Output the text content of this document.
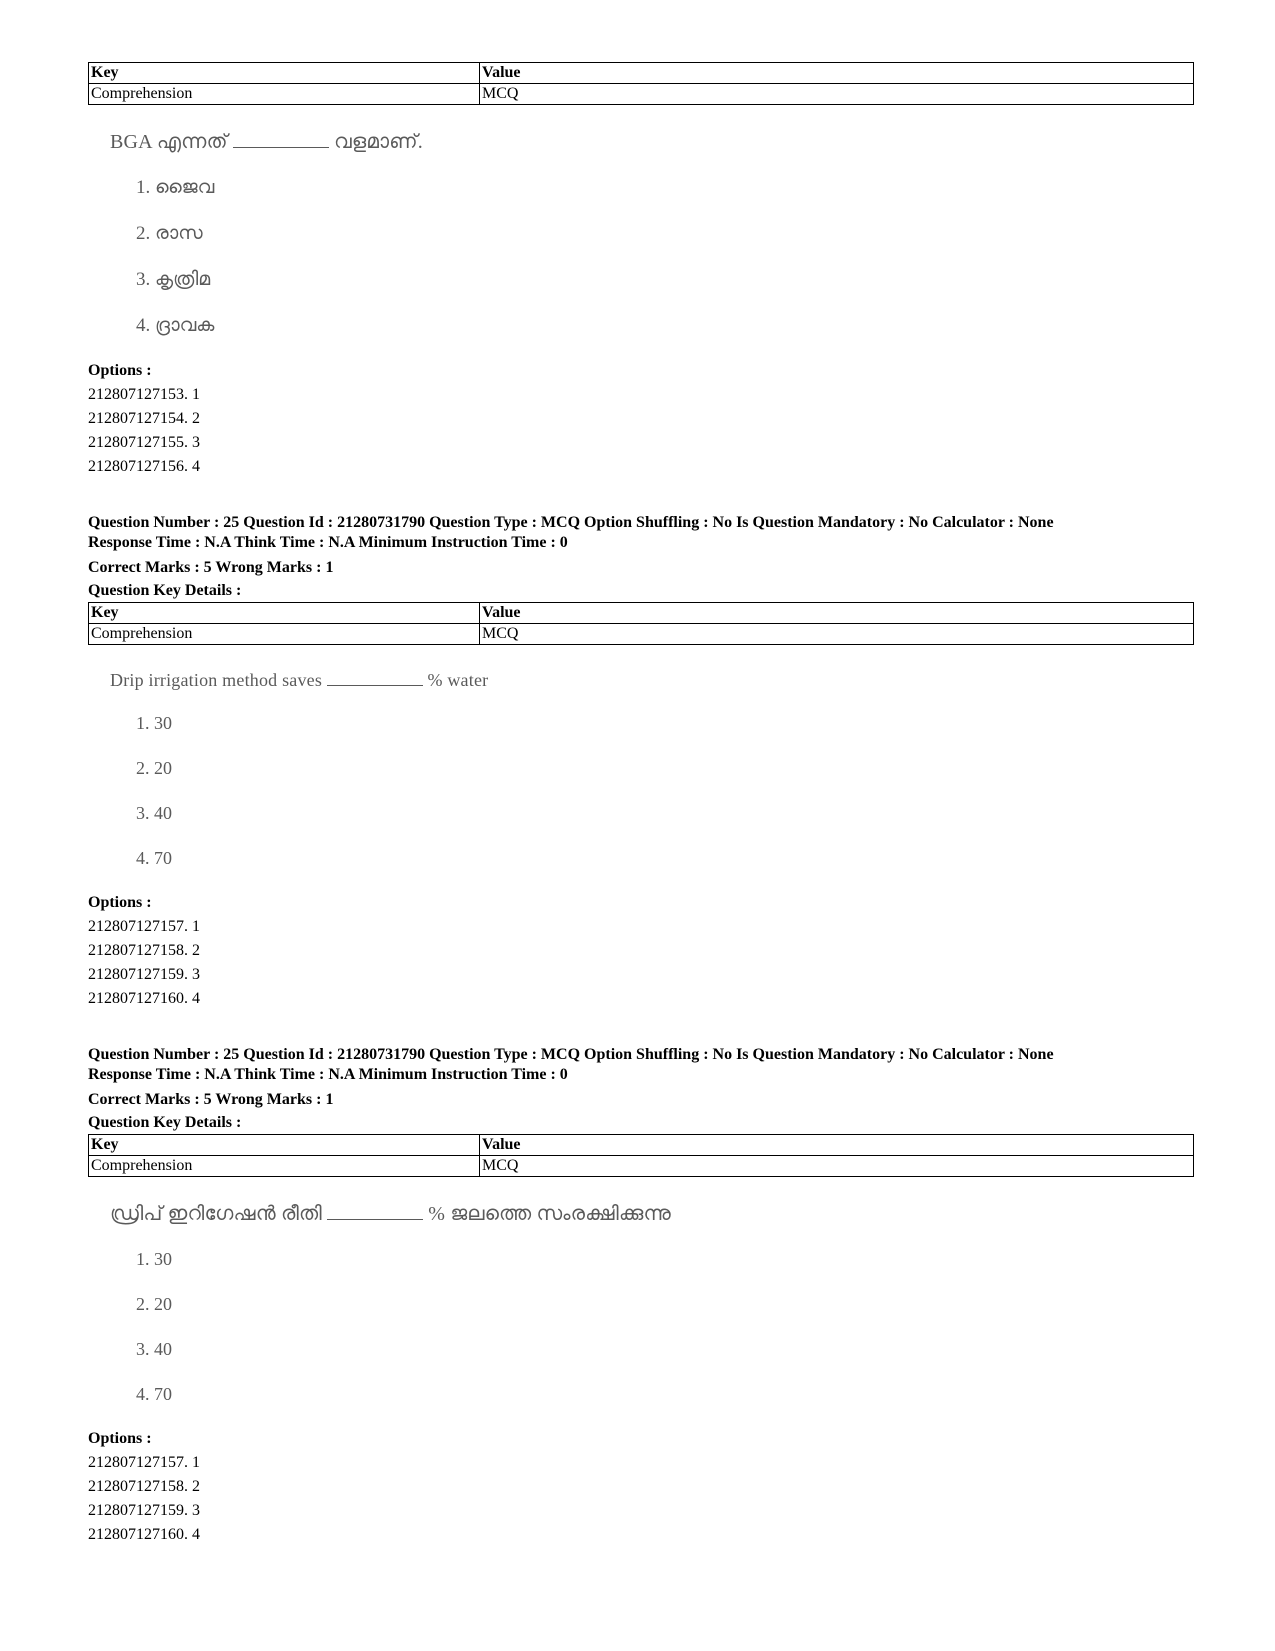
Key	Value
Comprehension	MCQ
BGA എന്നത്	വളമാണ്.
1. ജൈവ
2. രാസ
3. കൃത്രിമ
4. ദ്രാവക
Options :
212807127153. 1
212807127154. 2
212807127155. 3
212807127156. 4
Question Number : 25 Question Id : 21280731790 Question Type : MCQ Option Shuffling : No Is Question Mandatory : No Calculator : None
Response Time : N.A Think Time : N.A Minimum Instruction Time : 0
Correct Marks : 5 Wrong Marks : 1
Question Key Details :
Key	Value
Comprehension	MCQ
Drip irrigation method saves	% water
1. 30
2. 20
3. 40
4. 70
Options :
212807127157. 1
212807127158. 2
212807127159. 3
212807127160. 4
Question Number : 25 Question Id : 21280731790 Question Type : MCQ Option Shuffling : No Is Question Mandatory : No Calculator : None
Response Time : N.A Think Time : N.A Minimum Instruction Time : 0
Correct Marks : 5 Wrong Marks : 1
Question Key Details :
Key	Value
Comprehension	MCQ
ഡ്രിപ് ഇറിഗേഷൻ രീതി	% ജലത്തെ സംരക്ഷിക്കുന്നു
1. 30
2. 20
3. 40
4. 70
Options :
212807127157. 1
212807127158. 2
212807127159. 3
212807127160. 4
